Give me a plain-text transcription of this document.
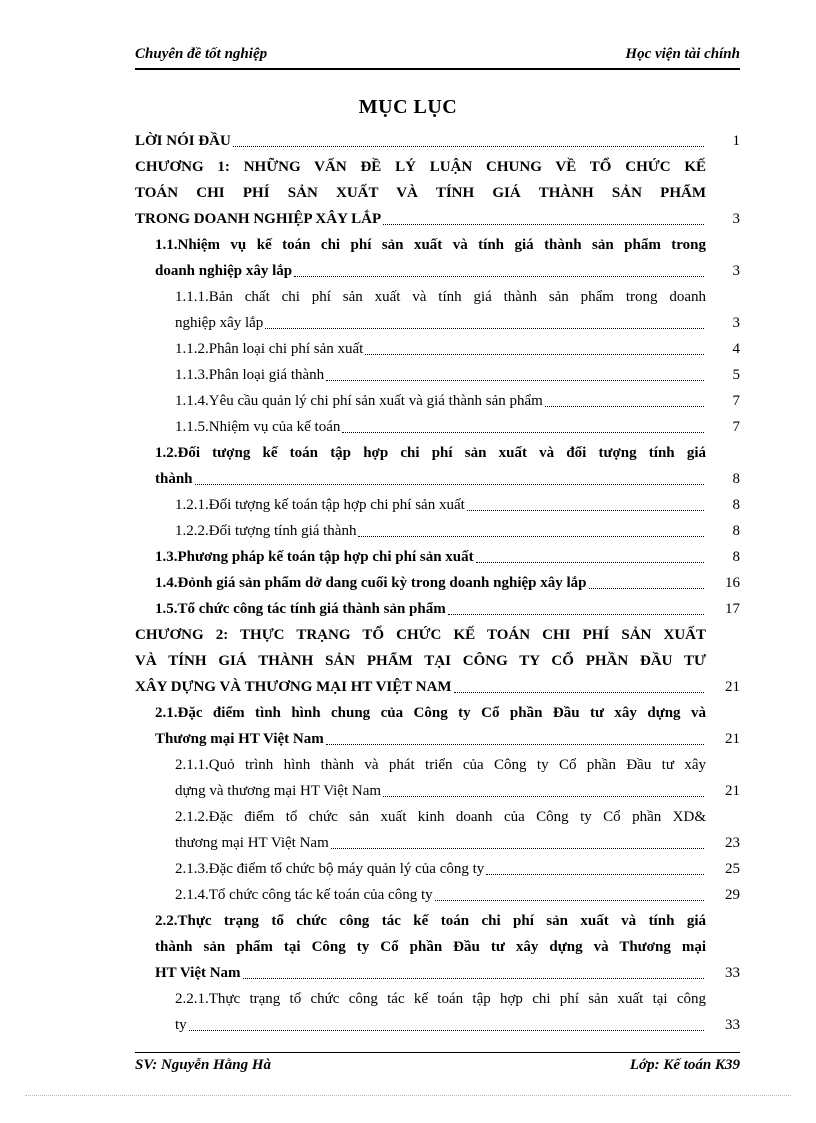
Chuyên đề tốt nghiệp	Học viện tài chính
MỤC LỤC
LỜI NÓI ĐẦU	1
CHƯƠNG 1: NHỮNG VẤN ĐỀ LÝ LUẬN CHUNG VỀ TỔ CHỨC KẾ
TOÁN CHI PHÍ SẢN XUẤT VÀ TÍNH GIÁ THÀNH SẢN PHẨM
TRONG DOANH NGHIỆP XÂY LẮP	3
1.1.Nhiệm vụ kế toán chi phí sản xuất và tính giá thành sản phẩm trong
doanh nghiệp xây lắp	3
1.1.1.Bản chất chi phí sản xuất và tính giá thành sản phẩm trong doanh
nghiệp xây lắp	3
1.1.2.Phân loại chi phí sản xuất	4
1.1.3.Phân loại giá thành	5
1.1.4.Yêu cầu quản lý chi phí sản xuất và giá thành sản phẩm	7
1.1.5.Nhiệm vụ của kế toán	7
1.2.Đối tượng kế toán tập hợp chi phí sản xuất và đối tượng tính giá
thành	8
1.2.1.Đối tượng kế toán tập hợp chi phí sản xuất	8
1.2.2.Đối tượng tính giá thành	8
1.3.Phương pháp kế toán tập hợp chi phí sản xuất	8
1.4.Đỏnh giá sản phẩm dở dang cuối kỳ trong doanh nghiệp xây lắp	16
1.5.Tổ chức công tác tính giá thành sản phẩm	17
CHƯƠNG 2: THỰC TRẠNG TỔ CHỨC KẾ TOÁN CHI PHÍ SẢN XUẤT
VÀ TÍNH GIÁ THÀNH SẢN PHẨM TẠI CÔNG TY CỔ PHẦN ĐẦU TƯ
XÂY DỰNG VÀ THƯƠNG MẠI HT VIỆT NAM	21
2.1.Đặc điểm tình hình chung của Công ty Cổ phần Đầu tư xây dựng và
Thương mại HT Việt Nam	21
2.1.1.Quỏ trình hình thành và phát triển của Công ty Cổ phần Đầu tư xây
dựng và thương mại HT Việt Nam	21
2.1.2.Đặc điểm tổ chức sản xuất kinh doanh của Công ty Cổ phần XD&
thương mại HT Việt Nam	23
2.1.3.Đặc điểm tổ chức bộ máy quản lý của công ty	25
2.1.4.Tổ chức công tác kế toán của công ty	29
2.2.Thực trạng tổ chức công tác kế toán chi phí sản xuất và tính giá
thành sản phẩm tại Công ty Cổ phần Đầu tư xây dựng và Thương mại
HT Việt Nam	33
2.2.1.Thực trạng tổ chức công tác kế toán tập hợp chi phí sản xuất tại công
ty	33
SV: Nguyễn Hằng Hà	Lớp: Kế toán K39
